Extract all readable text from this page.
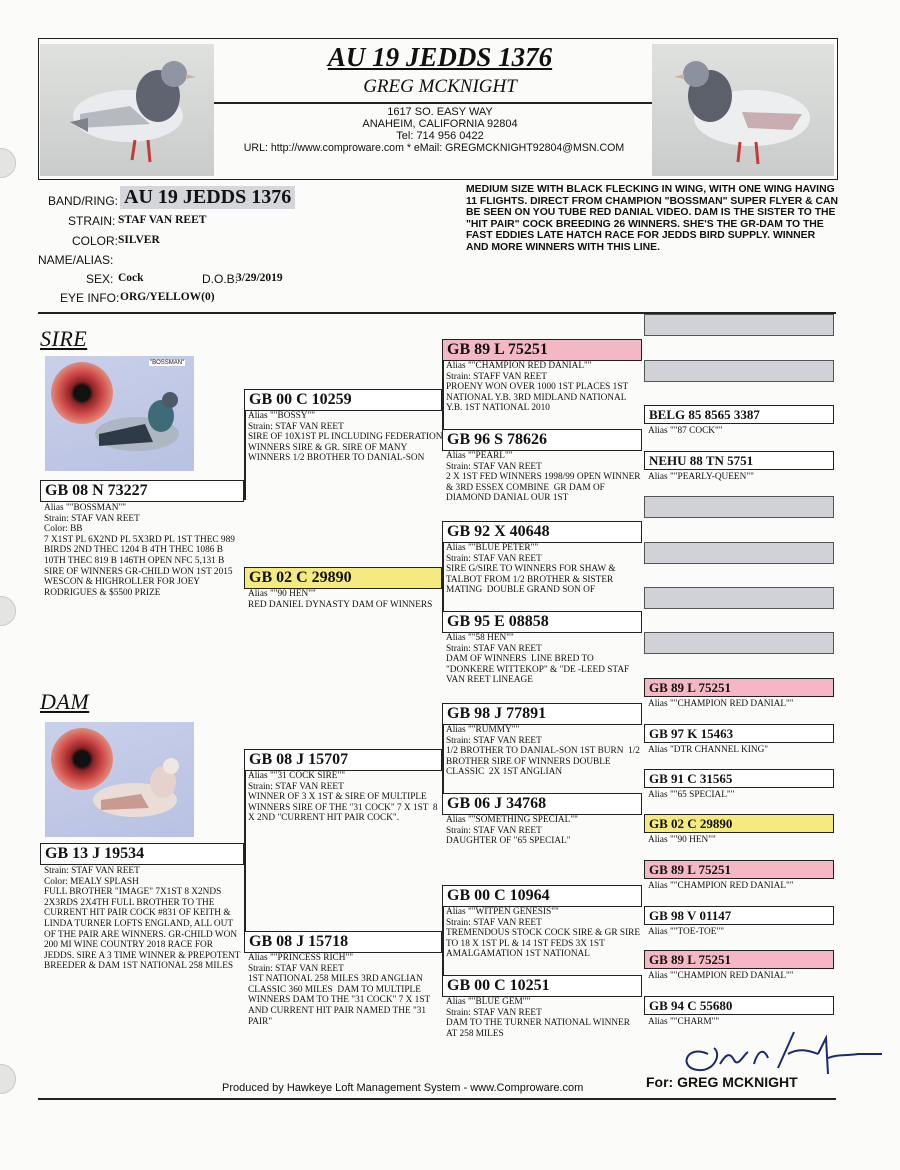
AU 19 JEDDS 1376
GREG MCKNIGHT
1617 SO. EASY WAY
ANAHEIM, CALIFORNIA 92804
Tel: 714 956 0422
URL: http://www.comproware.com * eMail: GREGMCKNIGHT92804@MSN.COM
BAND/RING: AU 19 JEDDS 1376
STRAIN: STAF VAN REET
COLOR: SILVER
NAME/ALIAS:
SEX: Cock	D.O.B:
3/29/2019
EYE INFO: ORG/YELLOW(0)
MEDIUM SIZE WITH BLACK FLECKING IN WING, WITH ONE WING HAVING 11 FLIGHTS. DIRECT FROM CHAMPION "BOSSMAN" SUPER FLYER & CAN BE SEEN ON YOU TUBE RED DANIAL VIDEO. DAM IS THE SISTER TO THE "HIT PAIR" COCK BREEDING 26 WINNERS. SHE'S THE GR-DAM TO THE FAST EDDIES LATE HATCH RACE FOR JEDDS BIRD SUPPLY. WINNER AND MORE WINNERS WITH THIS LINE.
SIRE
"BOSSMAN"
GB 08 N 73227
Alias ""BOSSMAN""
Strain: STAF VAN REET
Color: BB
7 X1ST PL 6X2ND PL 5X3RD PL 1ST THEC 989 BIRDS 2ND THEC 1204 B 4TH THEC 1086 B 10TH THEC 819 B 146TH OPEN NFC 5,131 B   SIRE OF WINNERS GR-CHILD WON 1ST 2015 WESCON & HIGHROLLER FOR JOEY RODRIGUES & $5500 PRIZE
DAM
GB 13 J 19534
Strain: STAF VAN REET
Color: MEALY SPLASH
FULL BROTHER "IMAGE" 7X1ST 8 X2NDS 2X3RDS 2X4TH FULL BROTHER TO THE CURRENT HIT PAIR COCK #831 OF KEITH & LINDA TURNER LOFTS ENGLAND, ALL OUT OF THE PAIR ARE WINNERS. GR-CHILD WON 200 MI WINE COUNTRY 2018 RACE FOR JEDDS. SIRE A 3 TIME WINNER & PREPOTENT BREEDER & DAM 1ST NATIONAL 258 MILES
GB 00 C 10259
Alias ""BOSSY""
Strain: STAF VAN REET
SIRE OF 10X1ST PL INCLUDING FEDERATION WINNERS SIRE & GR. SIRE OF MANY WINNERS 1/2 BROTHER TO DANIAL-SON
GB 02 C 29890
Alias ""90 HEN""
RED DANIEL DYNASTY DAM OF WINNERS
GB 08 J 15707
Alias ""31 COCK SIRE""
Strain: STAF VAN REET
WINNER OF 3 X 1ST & SIRE OF MULTIPLE WINNERS SIRE OF THE "31 COCK" 7 X 1ST  8 X 2ND "CURRENT HIT PAIR COCK".
GB 08 J 15718
Alias ""PRINCESS RICH""
Strain: STAF VAN REET
1ST NATIONAL 258 MILES 3RD ANGLIAN CLASSIC 360 MILES  DAM TO MULTIPLE WINNERS DAM TO THE "31 COCK" 7 X 1ST AND CURRENT HIT PAIR NAMED THE "31 PAIR"
GB 89 L 75251
Alias ""CHAMPION RED DANIAL""
Strain: STAFF VAN REET
PROENY WON OVER 1000 1ST PLACES 1ST NATIONAL Y.B. 3RD MIDLAND NATIONAL Y.B. 1ST NATIONAL 2010
GB 96 S 78626
Alias ""PEARL""
Strain: STAF VAN REET
2 X 1ST FED WINNERS 1998/99 OPEN WINNER & 3RD ESSEX COMBINE  GR DAM OF DIAMOND DANIAL OUR 1ST
GB 92 X 40648
Alias ""BLUE PETER""
Strain: STAF VAN REET
SIRE G/SIRE TO WINNERS FOR SHAW & TALBOT FROM 1/2 BROTHER & SISTER MATING  DOUBLE GRAND SON OF
GB 95 E 08858
Alias ""58 HEN""
Strain: STAF VAN REET
DAM OF WINNERS  LINE BRED TO "DONKERE WITTEKOP" & "DE -LEED STAF VAN REET LINEAGE
GB 98 J 77891
Alias ""RUMMY""
Strain: STAF VAN REET
1/2 BROTHER TO DANIAL-SON 1ST BURN  1/2 BROTHER SIRE OF WINNERS DOUBLE CLASSIC  2X 1ST ANGLIAN
GB 06 J 34768
Alias ""SOMETHING SPECIAL""
Strain: STAF VAN REET
DAUGHTER OF "65 SPECIAL"
GB 00 C 10964
Alias ""WITPEN GENESIS""
Strain: STAF VAN REET
TREMENDOUS STOCK COCK SIRE & GR SIRE TO 18 X 1ST PL & 14 1ST FEDS 3X 1ST AMALGAMATION 1ST NATIONAL
GB 00 C 10251
Alias ""BLUE GEM""
Strain: STAF VAN REET
DAM TO THE TURNER NATIONAL WINNER AT 258 MILES
BELG 85 8565 3387
Alias ""87 COCK""
NEHU 88 TN 5751
Alias ""PEARLY-QUEEN""
GB 89 L 75251
Alias ""CHAMPION RED DANIAL""
GB 97 K 15463
Alias "DTR CHANNEL KING"
GB 91 C 31565
Alias ""65 SPECIAL""
GB 02 C 29890
Alias ""90 HEN""
GB 89 L 75251
Alias ""CHAMPION RED DANIAL""
GB 98 V 01147
Alias ""TOE-TOE""
GB 89 L 75251
Alias ""CHAMPION RED DANIAL""
GB 94 C 55680
Alias ""CHARM""
For: GREG MCKNIGHT
Produced by Hawkeye Loft Management System - www.Comproware.com
